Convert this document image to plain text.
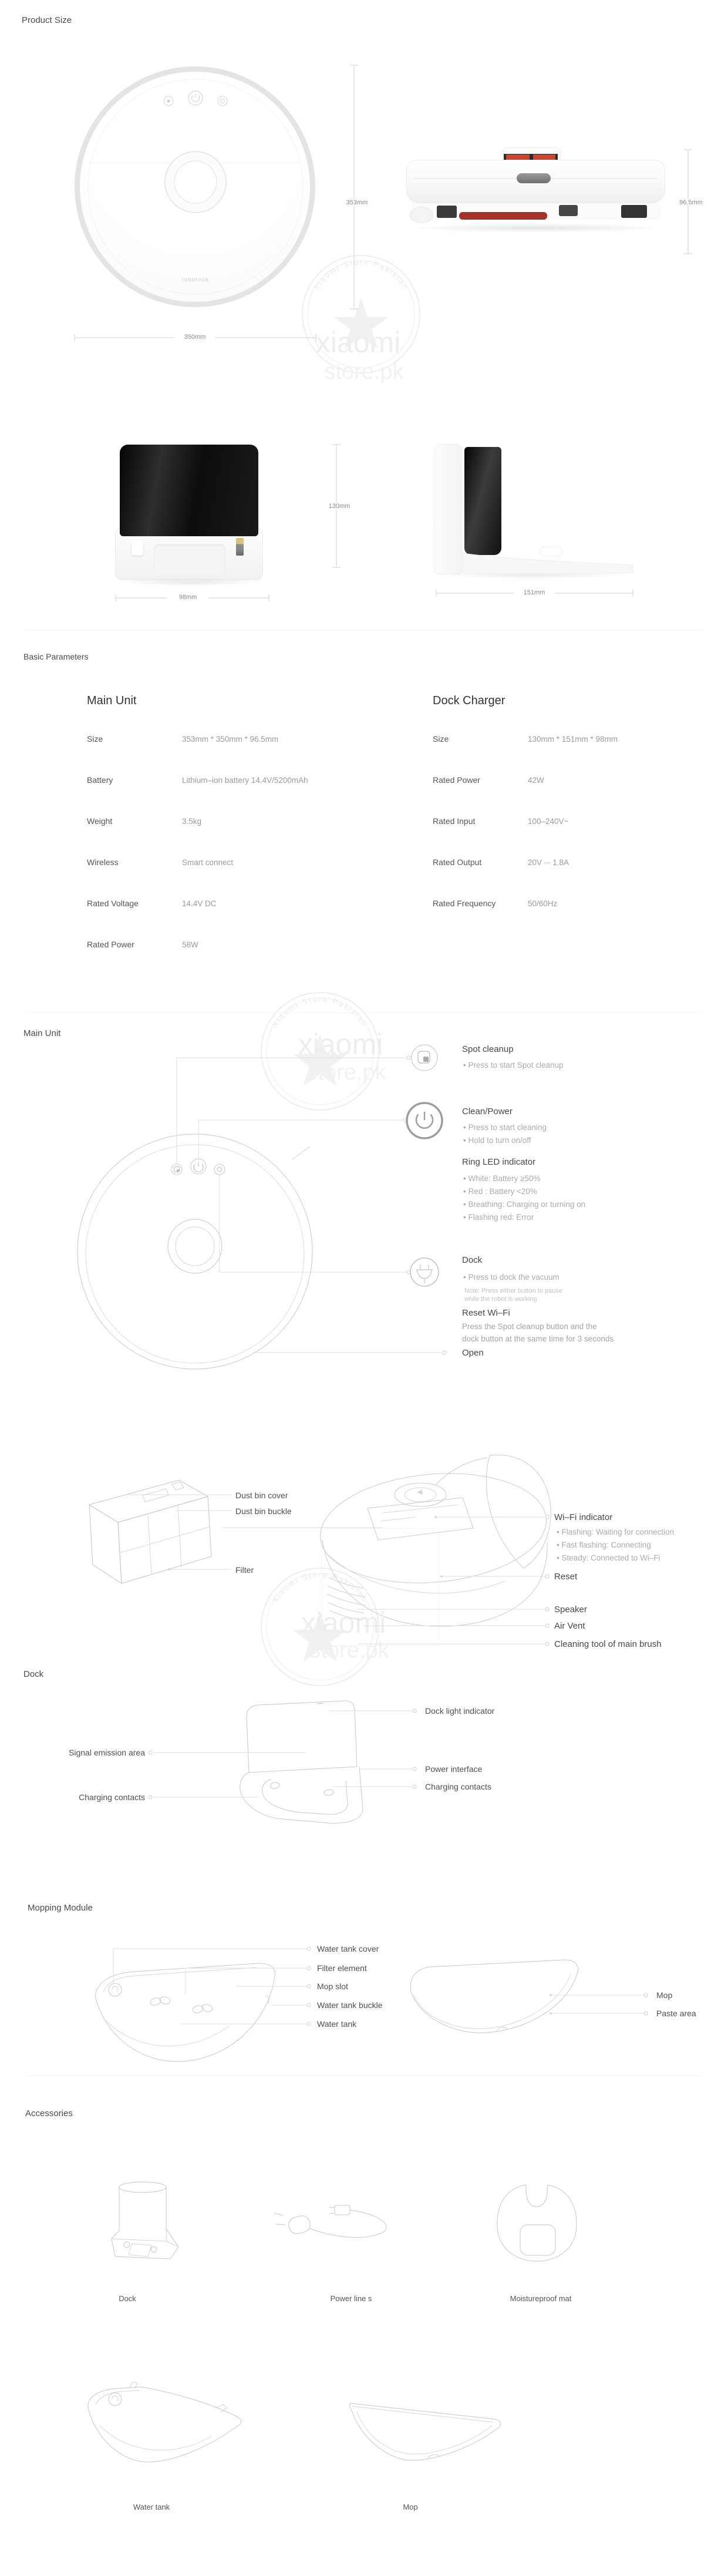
Xiaomi Store Pakistan
xiaomi
store.pk
Xiaomi Store Pakistan
xiaomi
store.pk
Xiaomi Store Pakistan
xiaomi
store.pk
Product Size
roborock
353mm	96.5mm
350mm
130mm
98mm
151mm
Basic Parameters
Main Unit
Size	353mm * 350mm * 96.5mm
Battery	Lithium–ion battery 14.4V/5200mAh
Weight	3.5kg
Wireless	Smart connect
Rated Voltage	14.4V DC
Rated Power	58W
Dock Charger
Size	130mm * 151mm * 98mm
Rated Power	42W
Rated Input	100–240V~
Rated Output	20V ⎓ 1.8A
Rated Frequency	50/60Hz
Main Unit
Spot cleanup
• Press to start Spot cleanup
Clean/Power
• Press to start cleaning
• Hold to turn on/off
Ring LED indicator
• White: Battery ≥50%
• Red : Battery <20%
• Breathing: Charging or turning on
• Flashing red: Error
Dock
• Press to dock the vacuum
Note: Press either button to pause
while the robot is working
Reset Wi–Fi
Press the Spot cleanup button and the
dock button at the same time for 3 seconds
Open
Dust bin cover
Dust bin buckle
Filter
Wi–Fi indicator
• Flashing: Waiting for connection
• Fast flashing: Connecting
• Steady: Connected to Wi–Fi
Reset
Speaker
Air Vent
Cleaning tool of main brush
Dock
Signal emission area
Charging contacts
Dock light indicator
Power interface
Charging contacts
Mopping Module
Water tank cover
Filter element
Mop slot
Water tank buckle
Water tank
Mop
Paste area
Accessories
Dock	Power line s	Moistureproof mat
Water tank	Mop
